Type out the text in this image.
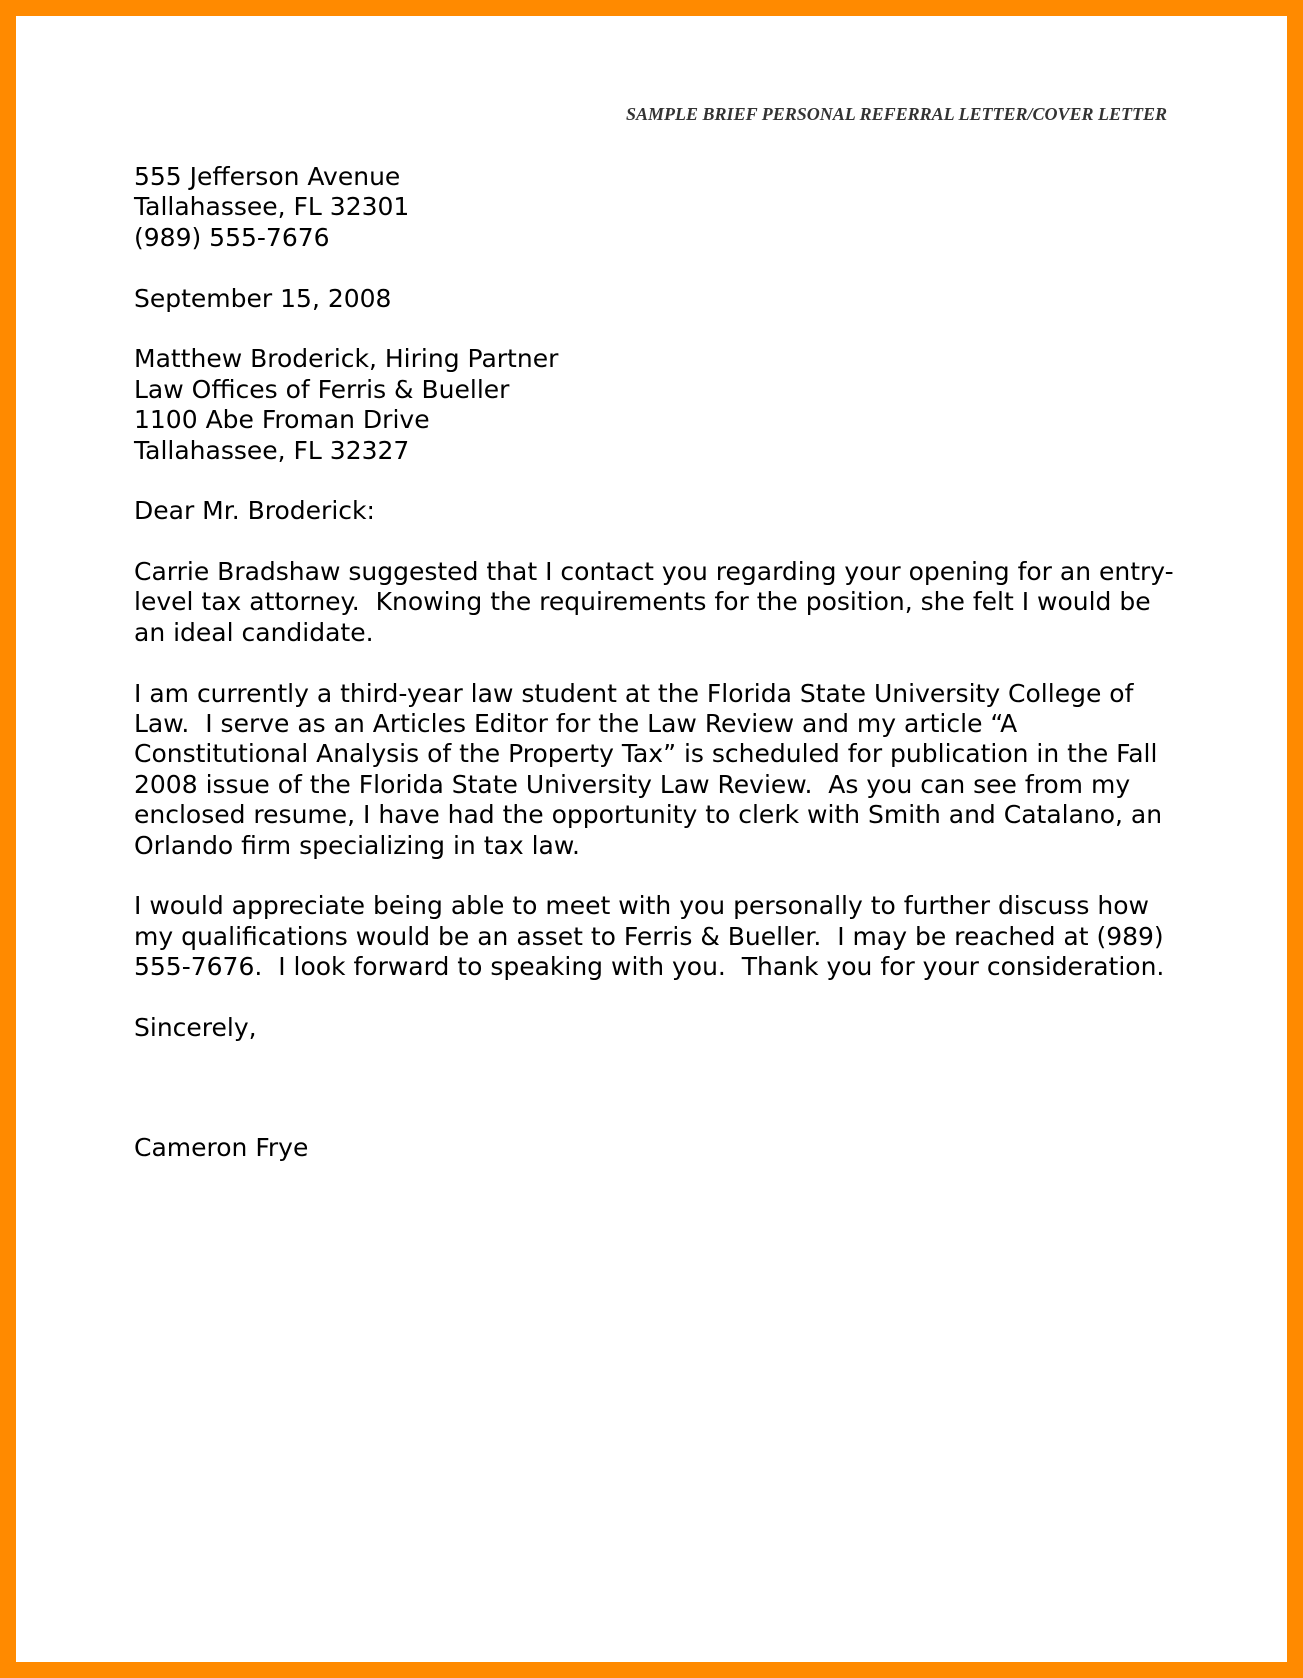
SAMPLE BRIEF PERSONAL REFERRAL LETTER/COVER LETTER
555 Jefferson Avenue
Tallahassee, FL 32301
(989) 555-7676
September 15, 2008
Matthew Broderick, Hiring Partner
Law Offices of Ferris & Bueller
1100 Abe Froman Drive
Tallahassee, FL 32327
Dear Mr. Broderick:
Carrie Bradshaw suggested that I contact you regarding your opening for an entry-
level tax attorney.  Knowing the requirements for the position, she felt I would be
an ideal candidate.
I am currently a third-year law student at the Florida State University College of
Law.  I serve as an Articles Editor for the Law Review and my article “A
Constitutional Analysis of the Property Tax” is scheduled for publication in the Fall
2008 issue of the Florida State University Law Review.  As you can see from my
enclosed resume, I have had the opportunity to clerk with Smith and Catalano, an
Orlando firm specializing in tax law.
I would appreciate being able to meet with you personally to further discuss how
my qualifications would be an asset to Ferris & Bueller.  I may be reached at (989)
555-7676.  I look forward to speaking with you.  Thank you for your consideration.
Sincerely,
Cameron Frye
